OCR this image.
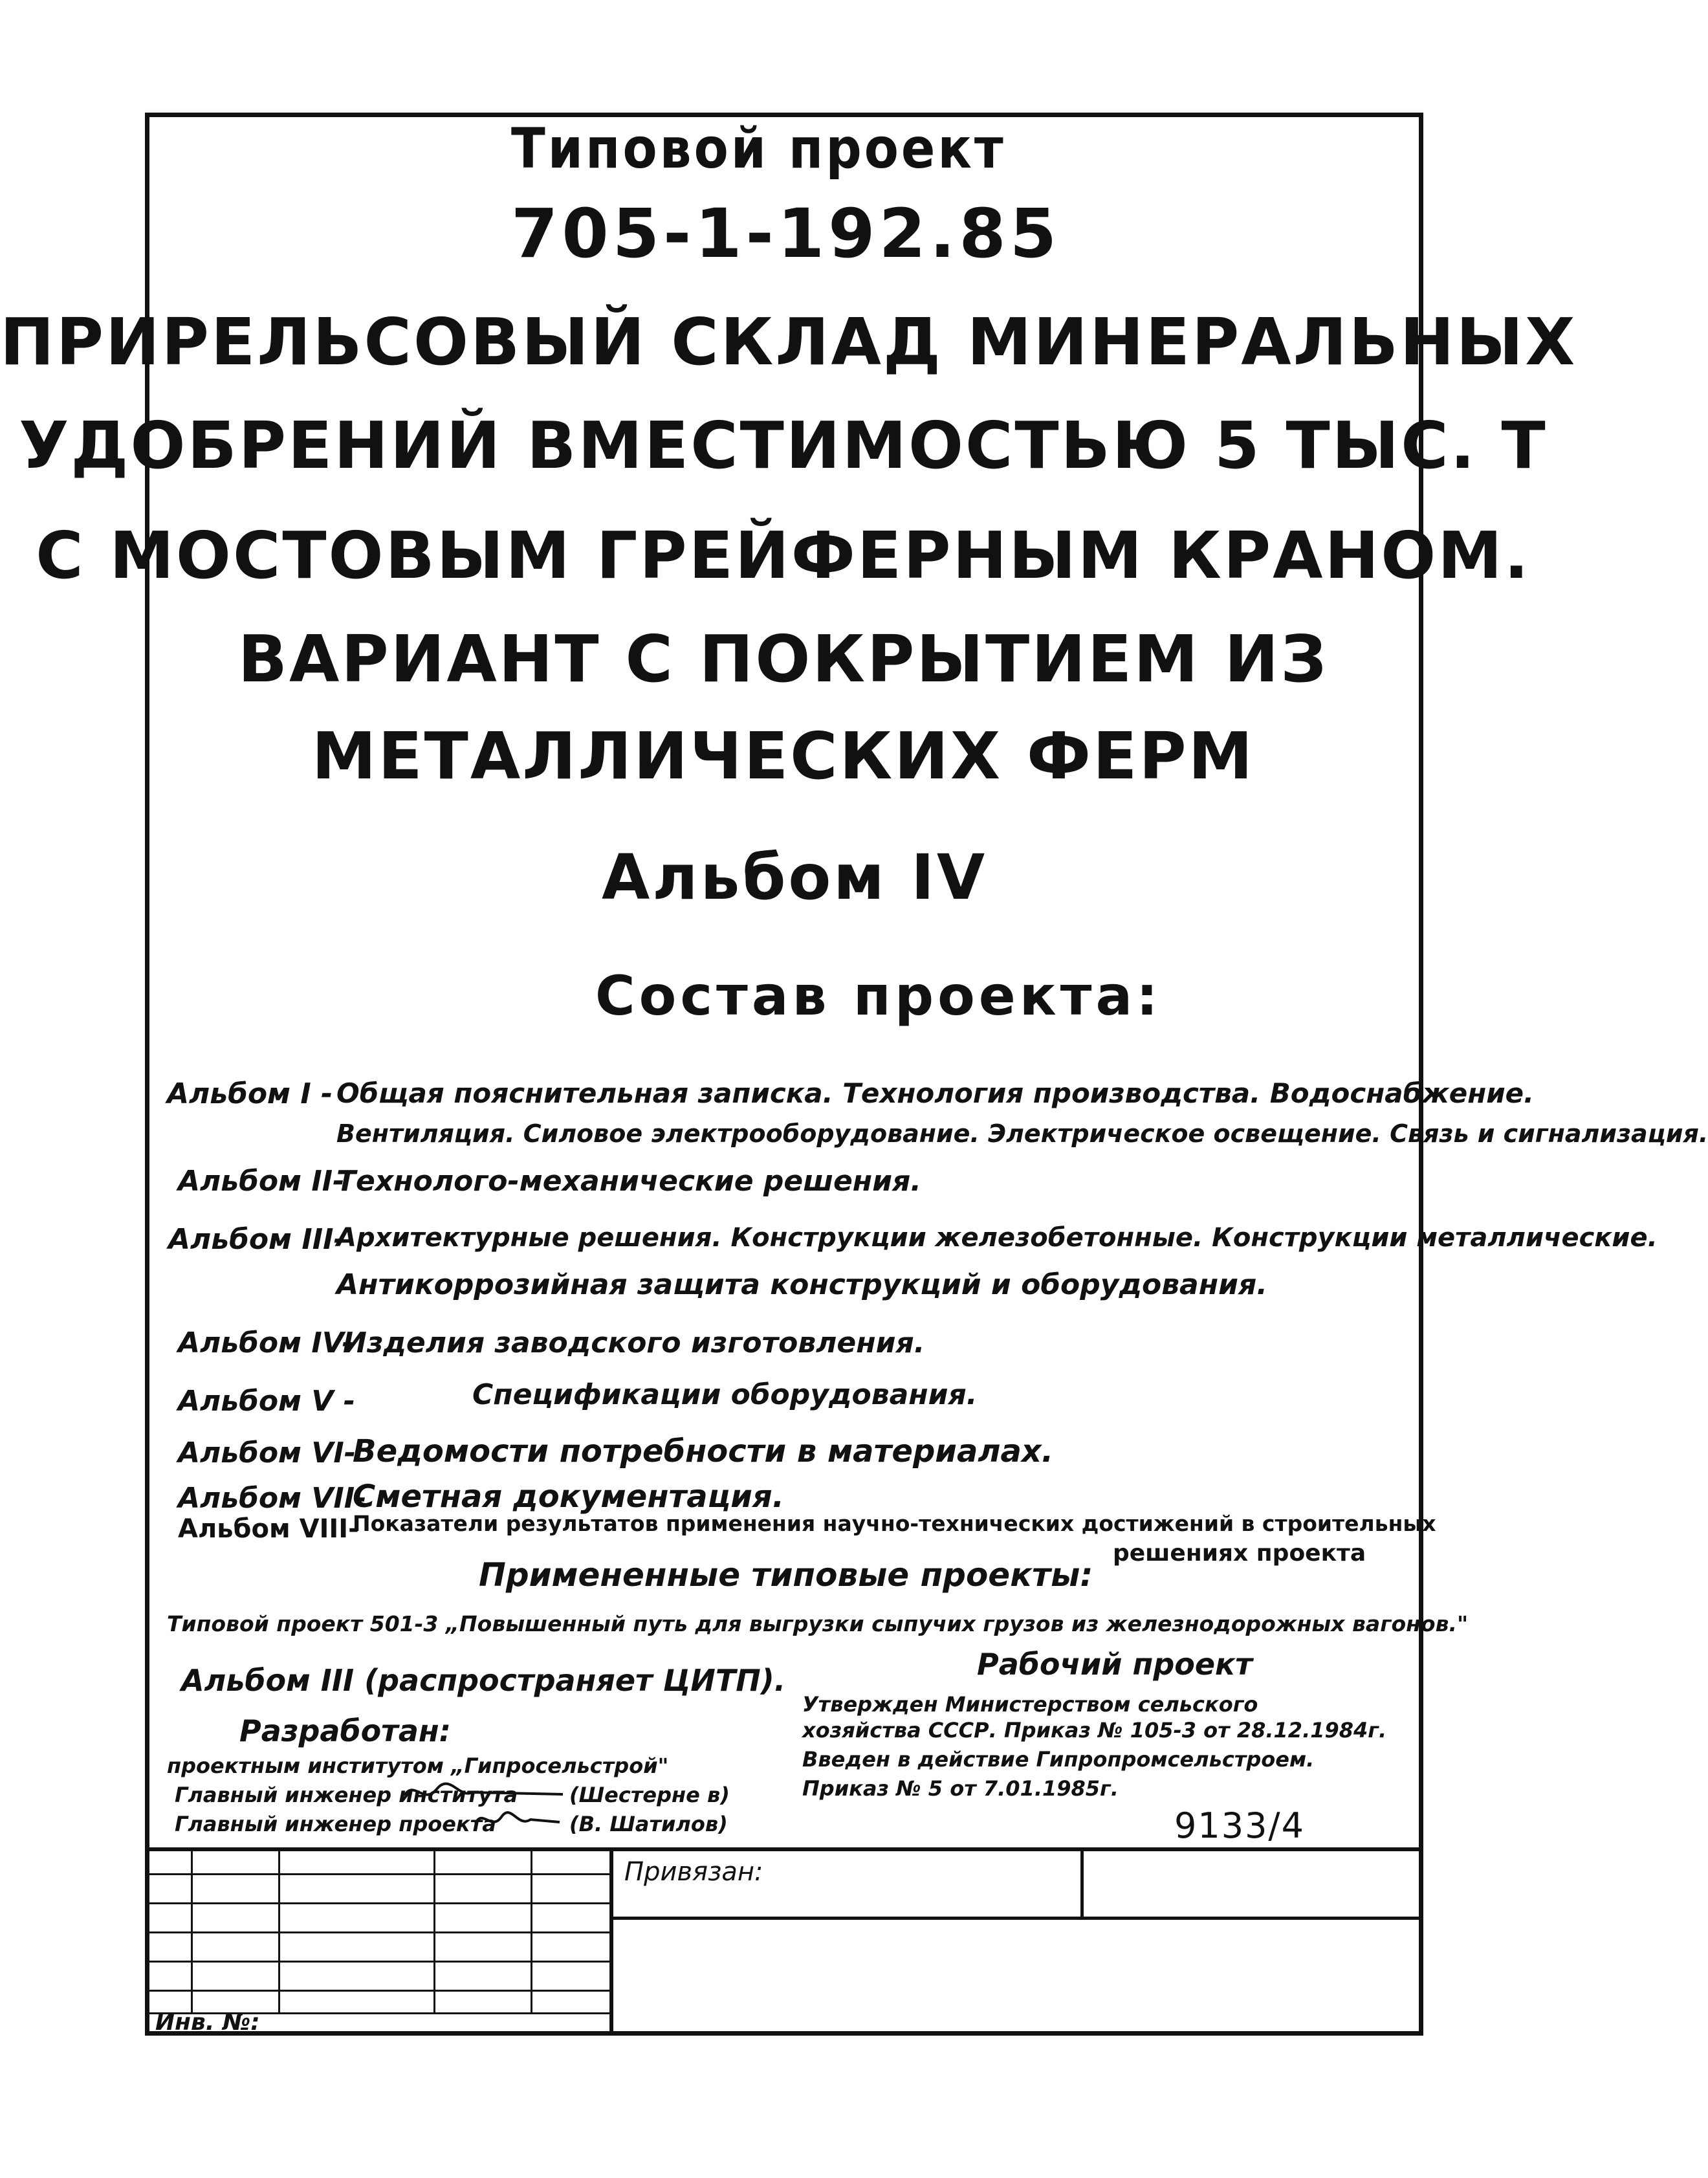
Типовой проект
705-1-192.85
ПРИРЕЛЬСОВЫЙ СКЛАД МИНЕРАЛЬНЫХ
УДОБРЕНИЙ ВМЕСТИМОСТЬЮ 5 ТЫС. Т
С МОСТОВЫМ ГРЕЙФЕРНЫМ КРАНОМ.
ВАРИАНТ С ПОКРЫТИЕМ ИЗ
МЕТАЛЛИЧЕСКИХ ФЕРМ
Альбом IV
Состав проекта:
Альбом I - Общая пояснительная записка. Технология производства. Водоснабжение.
Вентиляция. Силовое электрооборудование. Электрическое освещение. Связь и сигнализация.
Альбом II-
Технолого-механические решения.
Альбом III-
Архитектурные решения. Конструкции железобетонные. Конструкции металлические.
Антикоррозийная защита конструкций и оборудования.
Альбом IV-
Изделия заводского изготовления.
Альбом V -	Спецификации оборудования.
Альбом VI-
Ведомости потребности в материалах.
Альбом VII-
Сметная документация.
Альбом VIII-
Показатели результатов применения научно-технических достижений в строительных
решениях проекта
Примененные типовые проекты:
Типовой проект 501-3 „Повышенный путь для выгрузки сыпучих грузов из железнодорожных вагонов."
Альбом III (распространяет ЦИТП).
Разработан:
проектным институтом „Гипросельстрой"
Главный инженер института (Шестерне в)
Главный инженер проекта	(В. Шатилов)
Рабочий проект
Утвержден Министерством сельского
хозяйства СССР. Приказ № 105-3 от 28.12.1984г.
Введен в действие Гипропромсельстроем.
Приказ № 5 от 7.01.1985г.
9133/4
Привязан:
Инв. №:
